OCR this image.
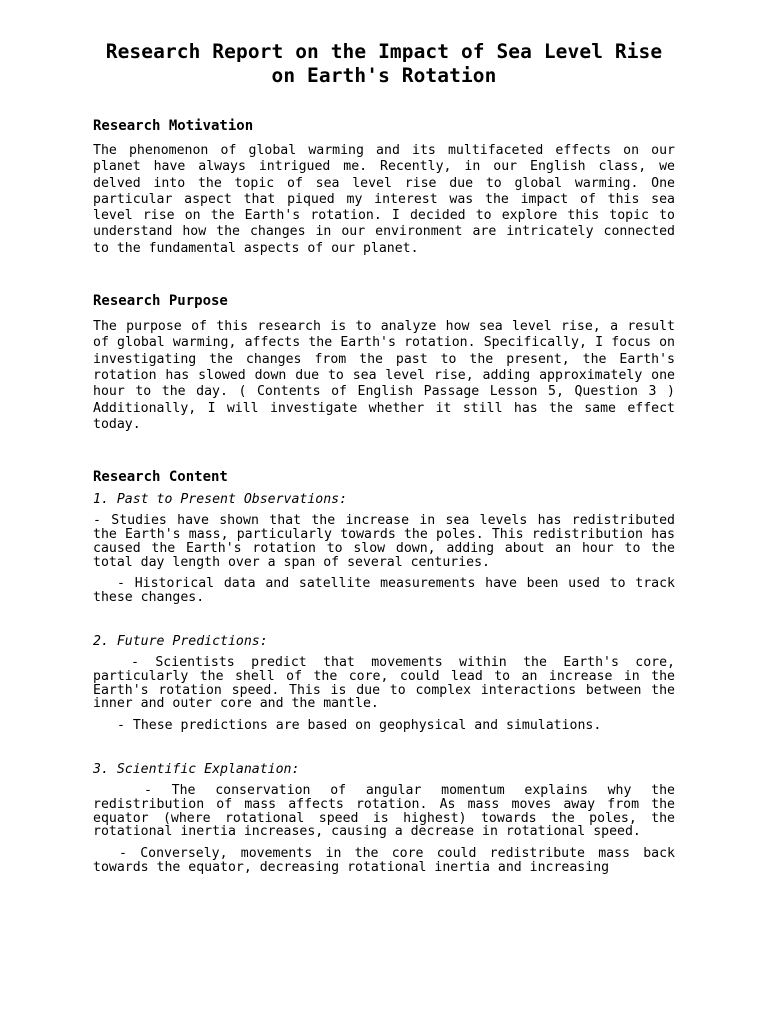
Research Report on the Impact of Sea Level Rise on Earth's Rotation
Research Motivation

The phenomenon of global warming and its multifaceted effects on our planet have always intrigued me. Recently, in our English class, we delved into the topic of sea level rise due to global warming. One particular aspect that piqued my interest was the impact of this sea level rise on the Earth's rotation. I decided to explore this topic to understand how the changes in our environment are intricately connected to the fundamental aspects of our planet.

Research Purpose

The purpose of this research is to analyze how sea level rise, a result of global warming, affects the Earth's rotation. Specifically, I focus on investigating the changes from the past to the present, the Earth's rotation has slowed down due to sea level rise, adding approximately one hour to the day. ( Contents of English Passage Lesson 5, Question 3 ) Additionally, I will investigate whether it still has the same effect today.

Research Content

1. Past to Present Observations:

- Studies have shown that the increase in sea levels has redistributed the Earth's mass, particularly towards the poles. This redistribution has caused the Earth's rotation to slow down, adding about an hour to the total day length over a span of several centuries.

- Historical data and satellite measurements have been used to track these changes.

2. Future Predictions:

- Scientists predict that movements within the Earth's core, particularly the shell of the core, could lead to an increase in the Earth's rotation speed. This is due to complex interactions between the inner and outer core and the mantle.

- These predictions are based on geophysical and simulations.

3. Scientific Explanation:

- The conservation of angular momentum explains why the redistribution of mass affects rotation. As mass moves away from the equator (where rotational speed is highest) towards the poles, the rotational inertia increases, causing a decrease in rotational speed.

- Conversely, movements in the core could redistribute mass back towards the equator, decreasing rotational inertia and increasing
